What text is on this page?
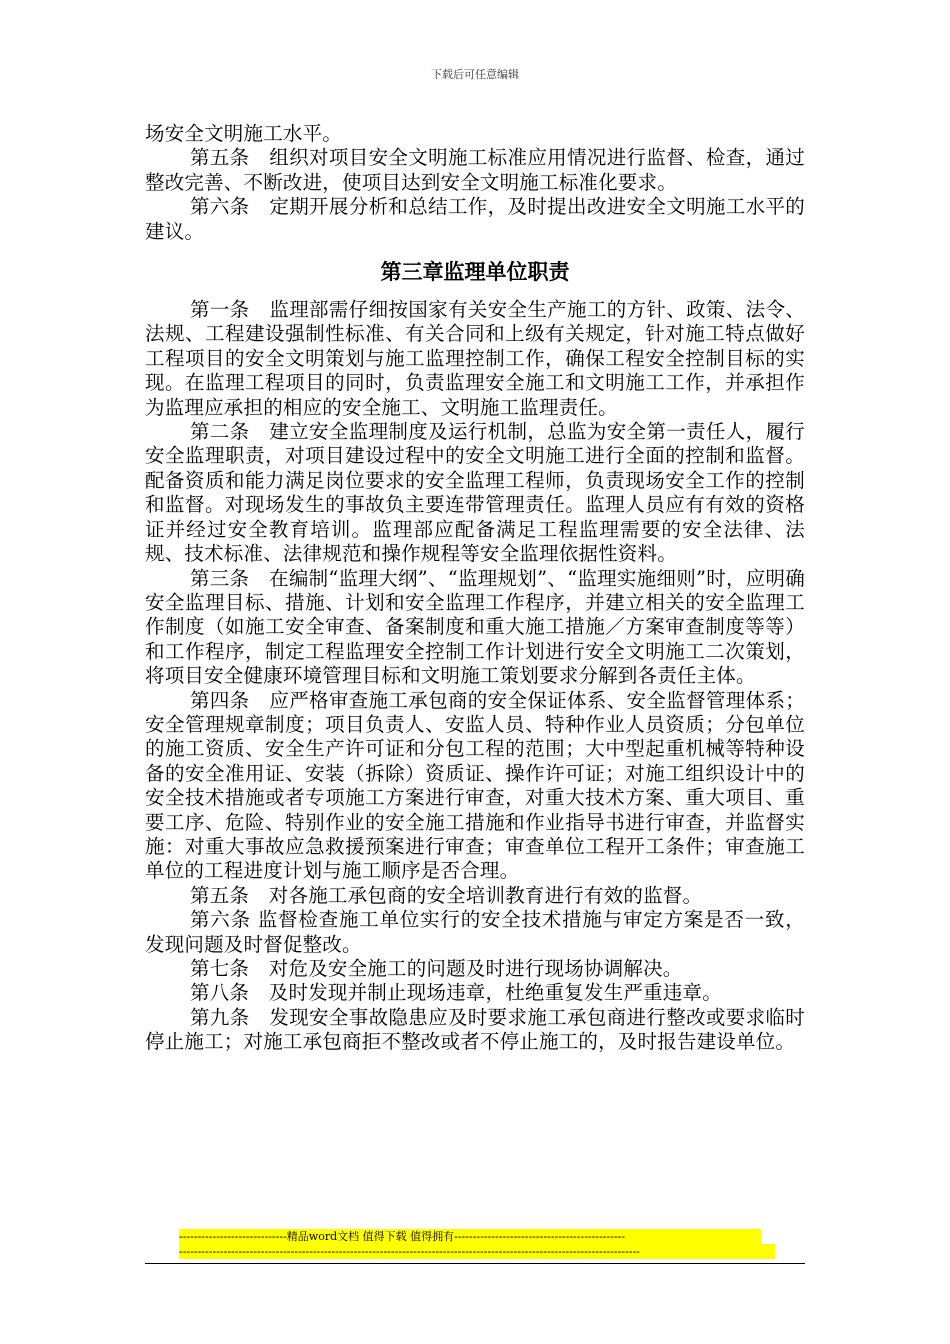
下载后可任意编辑

场安全文明施工水平。

第五条　组织对项目安全文明施工标准应用情况进行监督、检查，通过整改完善、不断改进，使项目达到安全文明施工标准化要求。

第六条　定期开展分析和总结工作，及时提出改进安全文明施工水平的建议。

第三章监理单位职责

第一条　监理部需仔细按国家有关安全生产施工的方针、政策、法令、法规、工程建设强制性标准、有关合同和上级有关规定，针对施工特点做好工程项目的安全文明策划与施工监理控制工作，确保工程安全控制目标的实现。在监理工程项目的同时，负责监理安全施工和文明施工工作，并承担作为监理应承担的相应的安全施工、文明施工监理责任。

第二条　建立安全监理制度及运行机制，总监为安全第一责任人，履行安全监理职责，对项目建设过程中的安全文明施工进行全面的控制和监督。配备资质和能力满足岗位要求的安全监理工程师，负责现场安全工作的控制和监督。对现场发生的事故负主要连带管理责任。监理人员应有有效的资格证并经过安全教育培训。监理部应配备满足工程监理需要的安全法律、法规、技术标准、法律规范和操作规程等安全监理依据性资料。

第三条　在编制“监理大纲”、“监理规划”、“监理实施细则”时，应明确安全监理目标、措施、计划和安全监理工作程序，并建立相关的安全监理工作制度（如施工安全审查、备案制度和重大施工措施／方案审查制度等等）和工作程序，制定工程监理安全控制工作计划进行安全文明施工二次策划，将项目安全健康环境管理目标和文明施工策划要求分解到各责任主体。

第四条　应严格审查施工承包商的安全保证体系、安全监督管理体系；安全管理规章制度；项目负责人、安监人员、特种作业人员资质；分包单位的施工资质、安全生产许可证和分包工程的范围；大中型起重机械等特种设备的安全准用证、安装（拆除）资质证、操作许可证；对施工组织设计中的安全技术措施或者专项施工方案进行审查，对重大技术方案、重大项目、重要工序、危险、特别作业的安全施工措施和作业指导书进行审查，并监督实施：对重大事故应急救援预案进行审查；审查单位工程开工条件；审查施工单位的工程进度计划与施工顺序是否合理。

第五条　对各施工承包商的安全培训教育进行有效的监督。

第六条 监督检查施工单位实行的安全技术措施与审定方案是否一致，发现问题及时督促整改。

第七条　对危及安全施工的问题及时进行现场协调解决。

第八条　及时发现并制止现场违章，杜绝重复发生严重违章。

第九条　发现安全事故隐患应及时要求施工承包商进行整改或要求临时停止施工；对施工承包商拒不整改或者不停止施工的，及时报告建设单位。

-----------------------------精品word文档 值得下载 值得拥有----------------------------------------------
----------------------------------------------------------------------------------------------------------------------------
